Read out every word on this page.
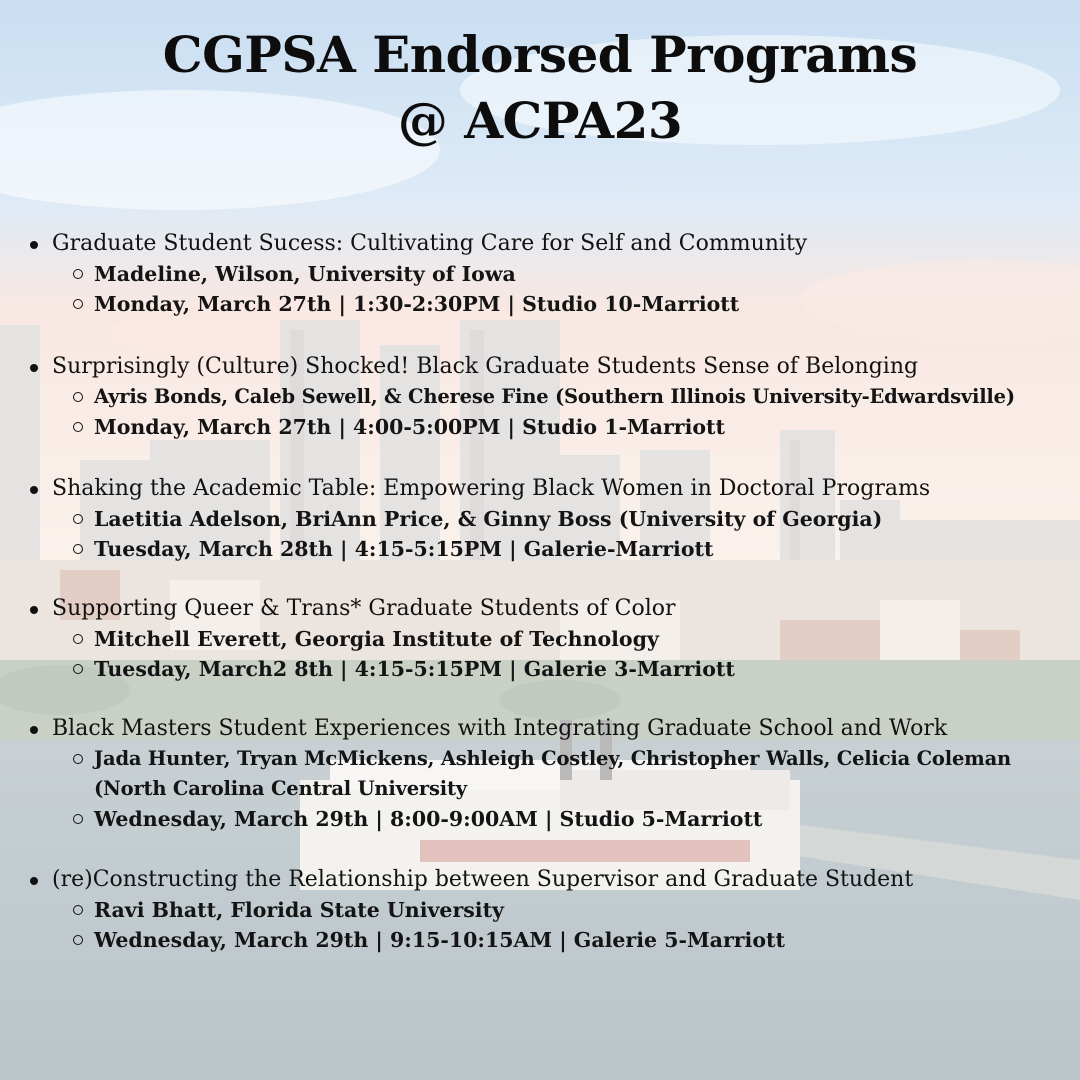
CGPSA Endorsed Programs
@ ACPA23
Graduate Student Sucess: Cultivating Care for Self and Community
Madeline, Wilson, University of Iowa
Monday, March 27th | 1:30-2:30PM | Studio 10-Marriott
Surprisingly (Culture) Shocked! Black Graduate Students Sense of Belonging
Ayris Bonds, Caleb Sewell, & Cherese Fine (Southern Illinois University-Edwardsville)
Monday, March 27th | 4:00-5:00PM | Studio 1-Marriott
Shaking the Academic Table: Empowering Black Women in Doctoral Programs
Laetitia Adelson, BriAnn Price, & Ginny Boss (University of Georgia)
Tuesday, March 28th | 4:15-5:15PM | Galerie-Marriott
Supporting Queer & Trans* Graduate Students of Color
Mitchell Everett, Georgia Institute of Technology
Tuesday, March2 8th | 4:15-5:15PM | Galerie 3-Marriott
Black Masters Student Experiences with Integrating Graduate School and Work
Jada Hunter, Tryan McMickens, Ashleigh Costley, Christopher Walls, Celicia Coleman (North Carolina Central University
Wednesday, March 29th | 8:00-9:00AM | Studio 5-Marriott
(re)Constructing the Relationship between Supervisor and Graduate Student
Ravi Bhatt, Florida State University
Wednesday, March 29th | 9:15-10:15AM | Galerie 5-Marriott
